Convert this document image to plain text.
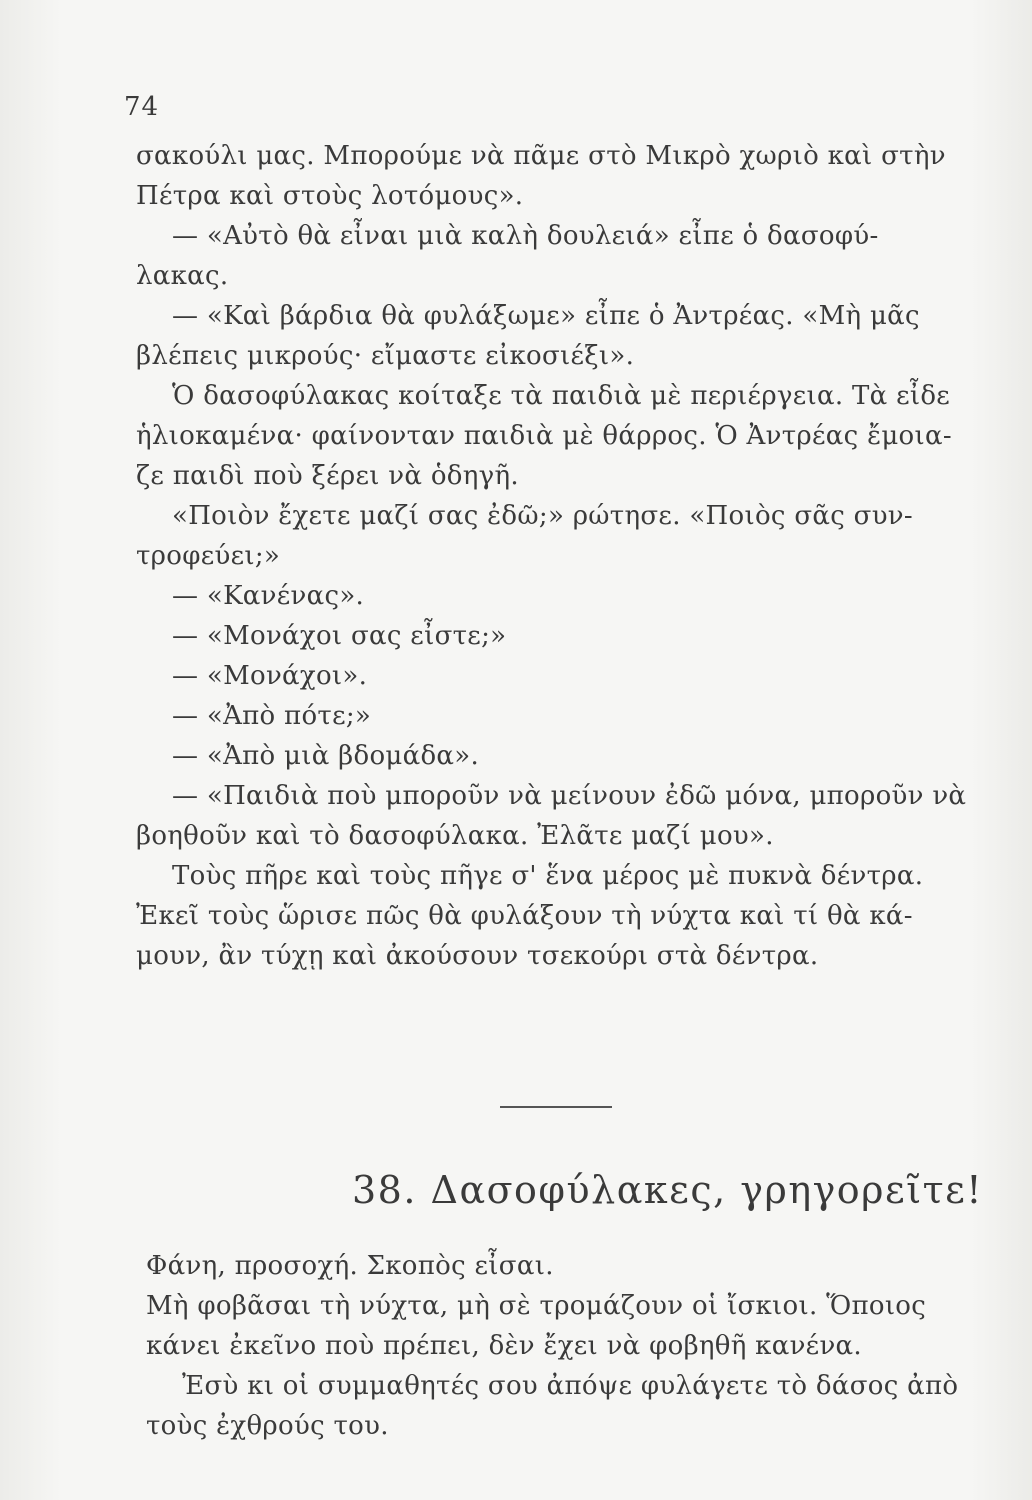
74
σακούλι μας. Μπορούμε νὰ πᾶμε στὸ Μικρὸ χωριὸ καὶ στὴν
Πέτρα καὶ στοὺς λοτόμους».
— «Αὐτὸ θὰ εἶναι μιὰ καλὴ δουλειά» εἶπε ὁ δασοφύ-
λακας.
— «Καὶ βάρδια θὰ φυλάξωμε» εἶπε ὁ Ἀντρέας. «Μὴ μᾶς
βλέπεις μικρούς· εἴμαστε εἰκοσιέξι».
Ὁ δασοφύλακας κοίταξε τὰ παιδιὰ μὲ περιέργεια. Τὰ εἶδε
ἡλιοκαμένα· φαίνονταν παιδιὰ μὲ θάρρος. Ὁ Ἀντρέας ἔμοια-
ζε παιδὶ ποὺ ξέρει νὰ ὁδηγῆ.
«Ποιὸν ἔχετε μαζί σας ἐδῶ;» ρώτησε. «Ποιὸς σᾶς συν-
τροφεύει;»
— «Κανένας».
— «Μονάχοι σας εἶστε;»
— «Μονάχοι».
— «Ἀπὸ πότε;»
— «Ἀπὸ μιὰ βδομάδα».
— «Παιδιὰ ποὺ μποροῦν νὰ μείνουν ἐδῶ μόνα, μποροῦν νὰ
βοηθοῦν καὶ τὸ δασοφύλακα. Ἐλᾶτε μαζί μου».
Τοὺς πῆρε καὶ τοὺς πῆγε σ' ἕνα μέρος μὲ πυκνὰ δέντρα.
Ἐκεῖ τοὺς ὥρισε πῶς θὰ φυλάξουν τὴ νύχτα καὶ τί θὰ κά-
μουν, ἂν τύχῃ καὶ ἀκούσουν τσεκούρι στὰ δέντρα.
38. Δασοφύλακες, γρηγορεῖτε!
Φάνη, προσοχή. Σκοπὸς εἶσαι.
Μὴ φοβᾶσαι τὴ νύχτα, μὴ σὲ τρομάζουν οἱ ἴσκιοι. Ὅποιος
κάνει ἐκεῖνο ποὺ πρέπει, δὲν ἔχει νὰ φοβηθῆ κανένα.
Ἐσὺ κι οἱ συμμαθητές σου ἀπόψε φυλάγετε τὸ δάσος ἀπὸ
τοὺς ἐχθρούς του.
